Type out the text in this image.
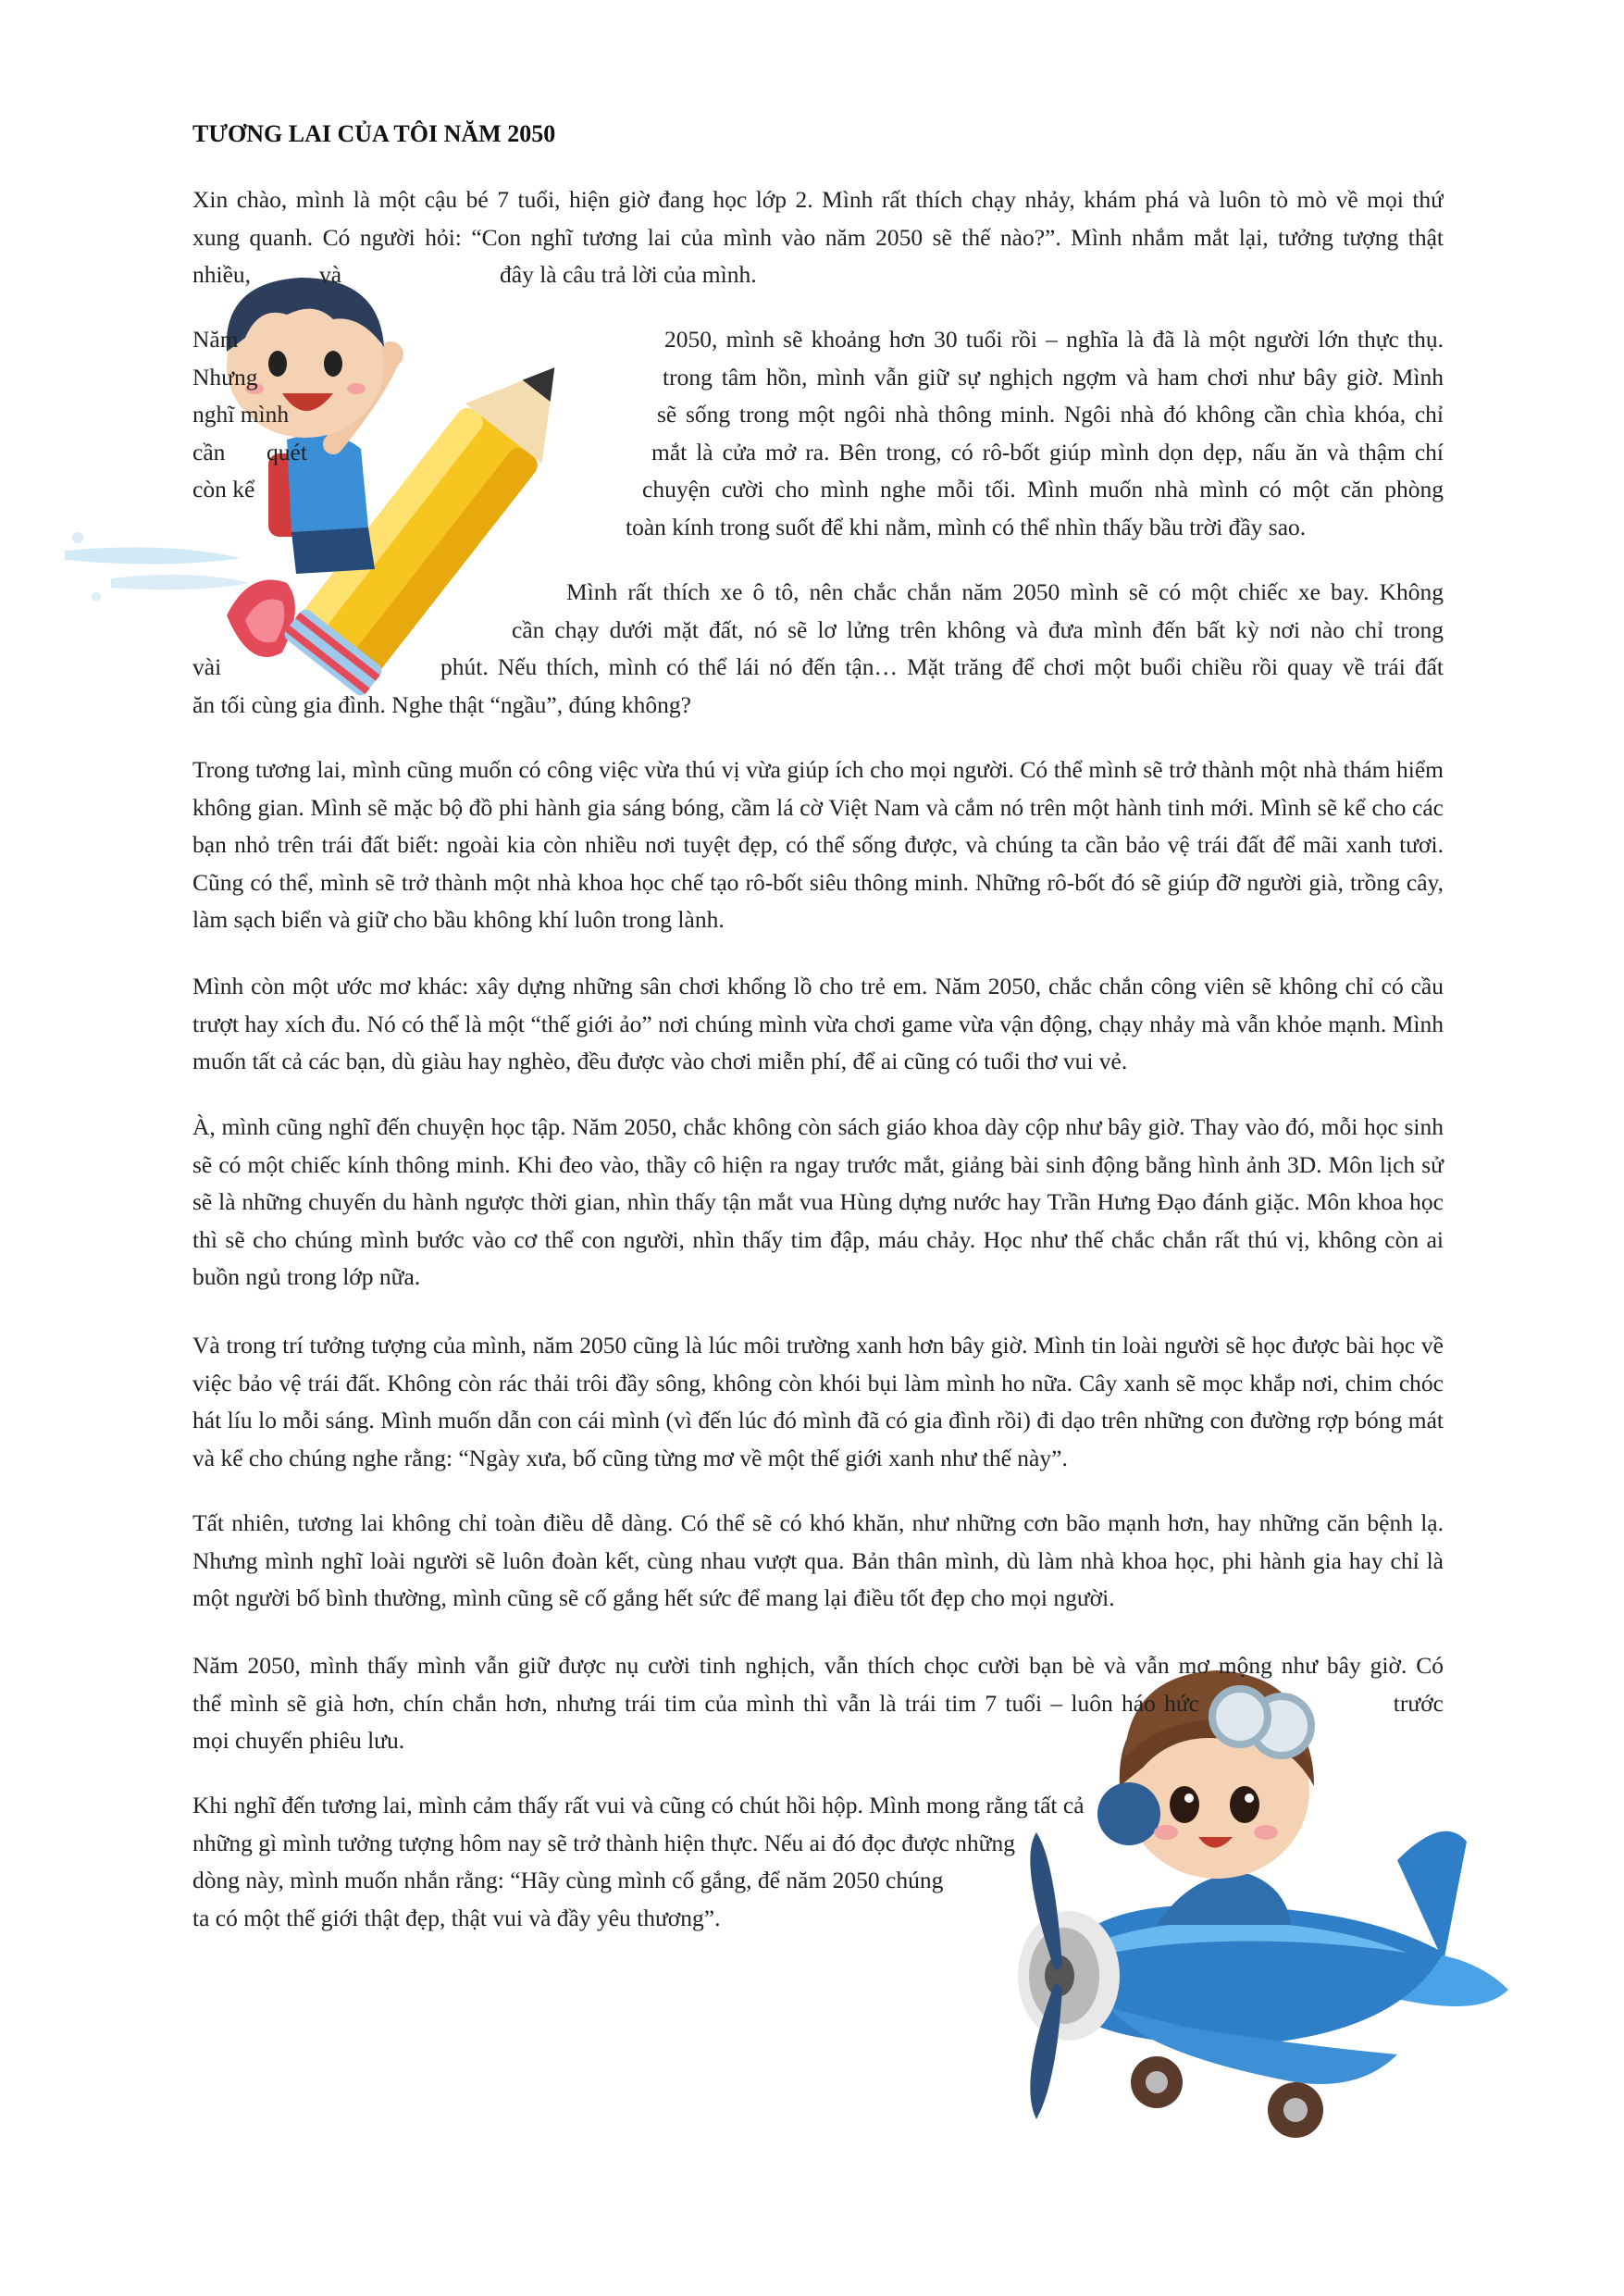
TƯƠNG LAI CỦA TÔI NĂM 2050
Xin chào, mình là một cậu bé 7 tuổi, hiện giờ đang học lớp 2. Mình rất thích chạy nhảy, khám phá và luôn tò mò về mọi thứ
xung quanh. Có người hỏi: “Con nghĩ tương lai của mình vào năm 2050 sẽ thế nào?”. Mình nhắm mắt lại, tưởng tượng thật
nhiều,	và	đây là câu trả lời của mình.
Năm	2050, mình sẽ khoảng hơn 30 tuổi rồi – nghĩa là đã là một người lớn thực thụ.
Nhưng	trong tâm hồn, mình vẫn giữ sự nghịch ngợm và ham chơi như bây giờ. Mình
nghĩ mình	sẽ sống trong một ngôi nhà thông minh. Ngôi nhà đó không cần chìa khóa, chỉ
cần quét	mắt là cửa mở ra. Bên trong, có rô-bốt giúp mình dọn dẹp, nấu ăn và thậm chí
còn kể	chuyện cười cho mình nghe mỗi tối. Mình muốn nhà mình có một căn phòng
toàn kính trong suốt để khi nằm, mình có thể nhìn thấy bầu trời đầy sao.
Mình rất thích xe ô tô, nên chắc chắn năm 2050 mình sẽ có một chiếc xe bay. Không
cần chạy dưới mặt đất, nó sẽ lơ lửng trên không và đưa mình đến bất kỳ nơi nào chỉ trong
vài	phút. Nếu thích, mình có thể lái nó đến tận… Mặt trăng để chơi một buổi chiều rồi quay về trái đất
ăn tối cùng gia đình. Nghe thật “ngầu”, đúng không?

Trong tương lai, mình cũng muốn có công việc vừa thú vị vừa giúp ích cho mọi người. Có thể mình sẽ trở thành một nhà thám hiểm không gian. Mình sẽ mặc bộ đồ phi hành gia sáng bóng, cầm lá cờ Việt Nam và cắm nó trên một hành tinh mới. Mình sẽ kể cho các bạn nhỏ trên trái đất biết: ngoài kia còn nhiều nơi tuyệt đẹp, có thể sống được, và chúng ta cần bảo vệ trái đất để mãi xanh tươi. Cũng có thể, mình sẽ trở thành một nhà khoa học chế tạo rô-bốt siêu thông minh. Những rô-bốt đó sẽ giúp đỡ người già, trồng cây, làm sạch biển và giữ cho bầu không khí luôn trong lành.

Mình còn một ước mơ khác: xây dựng những sân chơi khổng lồ cho trẻ em. Năm 2050, chắc chắn công viên sẽ không chỉ có cầu trượt hay xích đu. Nó có thể là một “thế giới ảo” nơi chúng mình vừa chơi game vừa vận động, chạy nhảy mà vẫn khỏe mạnh. Mình muốn tất cả các bạn, dù giàu hay nghèo, đều được vào chơi miễn phí, để ai cũng có tuổi thơ vui vẻ.

À, mình cũng nghĩ đến chuyện học tập. Năm 2050, chắc không còn sách giáo khoa dày cộp như bây giờ. Thay vào đó, mỗi học sinh sẽ có một chiếc kính thông minh. Khi đeo vào, thầy cô hiện ra ngay trước mắt, giảng bài sinh động bằng hình ảnh 3D. Môn lịch sử sẽ là những chuyến du hành ngược thời gian, nhìn thấy tận mắt vua Hùng dựng nước hay Trần Hưng Đạo đánh giặc. Môn khoa học thì sẽ cho chúng mình bước vào cơ thể con người, nhìn thấy tim đập, máu chảy. Học như thế chắc chắn rất thú vị, không còn ai buồn ngủ trong lớp nữa.

Và trong trí tưởng tượng của mình, năm 2050 cũng là lúc môi trường xanh hơn bây giờ. Mình tin loài người sẽ học được bài học về việc bảo vệ trái đất. Không còn rác thải trôi đầy sông, không còn khói bụi làm mình ho nữa. Cây xanh sẽ mọc khắp nơi, chim chóc hát líu lo mỗi sáng. Mình muốn dẫn con cái mình (vì đến lúc đó mình đã có gia đình rồi) đi dạo trên những con đường rợp bóng mát và kể cho chúng nghe rằng: “Ngày xưa, bố cũng từng mơ về một thế giới xanh như thế này”.

Tất nhiên, tương lai không chỉ toàn điều dễ dàng. Có thể sẽ có khó khăn, như những cơn bão mạnh hơn, hay những căn bệnh lạ. Nhưng mình nghĩ loài người sẽ luôn đoàn kết, cùng nhau vượt qua. Bản thân mình, dù làm nhà khoa học, phi hành gia hay chỉ là một người bố bình thường, mình cũng sẽ cố gắng hết sức để mang lại điều tốt đẹp cho mọi người.

Năm 2050, mình thấy mình vẫn giữ được nụ cười tinh nghịch, vẫn thích chọc cười bạn bè và vẫn mơ mộng như bây giờ. Có
thể mình sẽ già hơn, chín chắn hơn, nhưng trái tim của mình thì vẫn là trái tim 7 tuổi – luôn háo hức	trước
mọi chuyến phiêu lưu.
Khi nghĩ đến tương lai, mình cảm thấy rất vui và cũng có chút hồi hộp. Mình mong rằng tất cả
những gì mình tưởng tượng hôm nay sẽ trở thành hiện thực. Nếu ai đó đọc được những
dòng này, mình muốn nhắn rằng: “Hãy cùng mình cố gắng, để năm 2050 chúng
ta có một thế giới thật đẹp, thật vui và đầy yêu thương”.
